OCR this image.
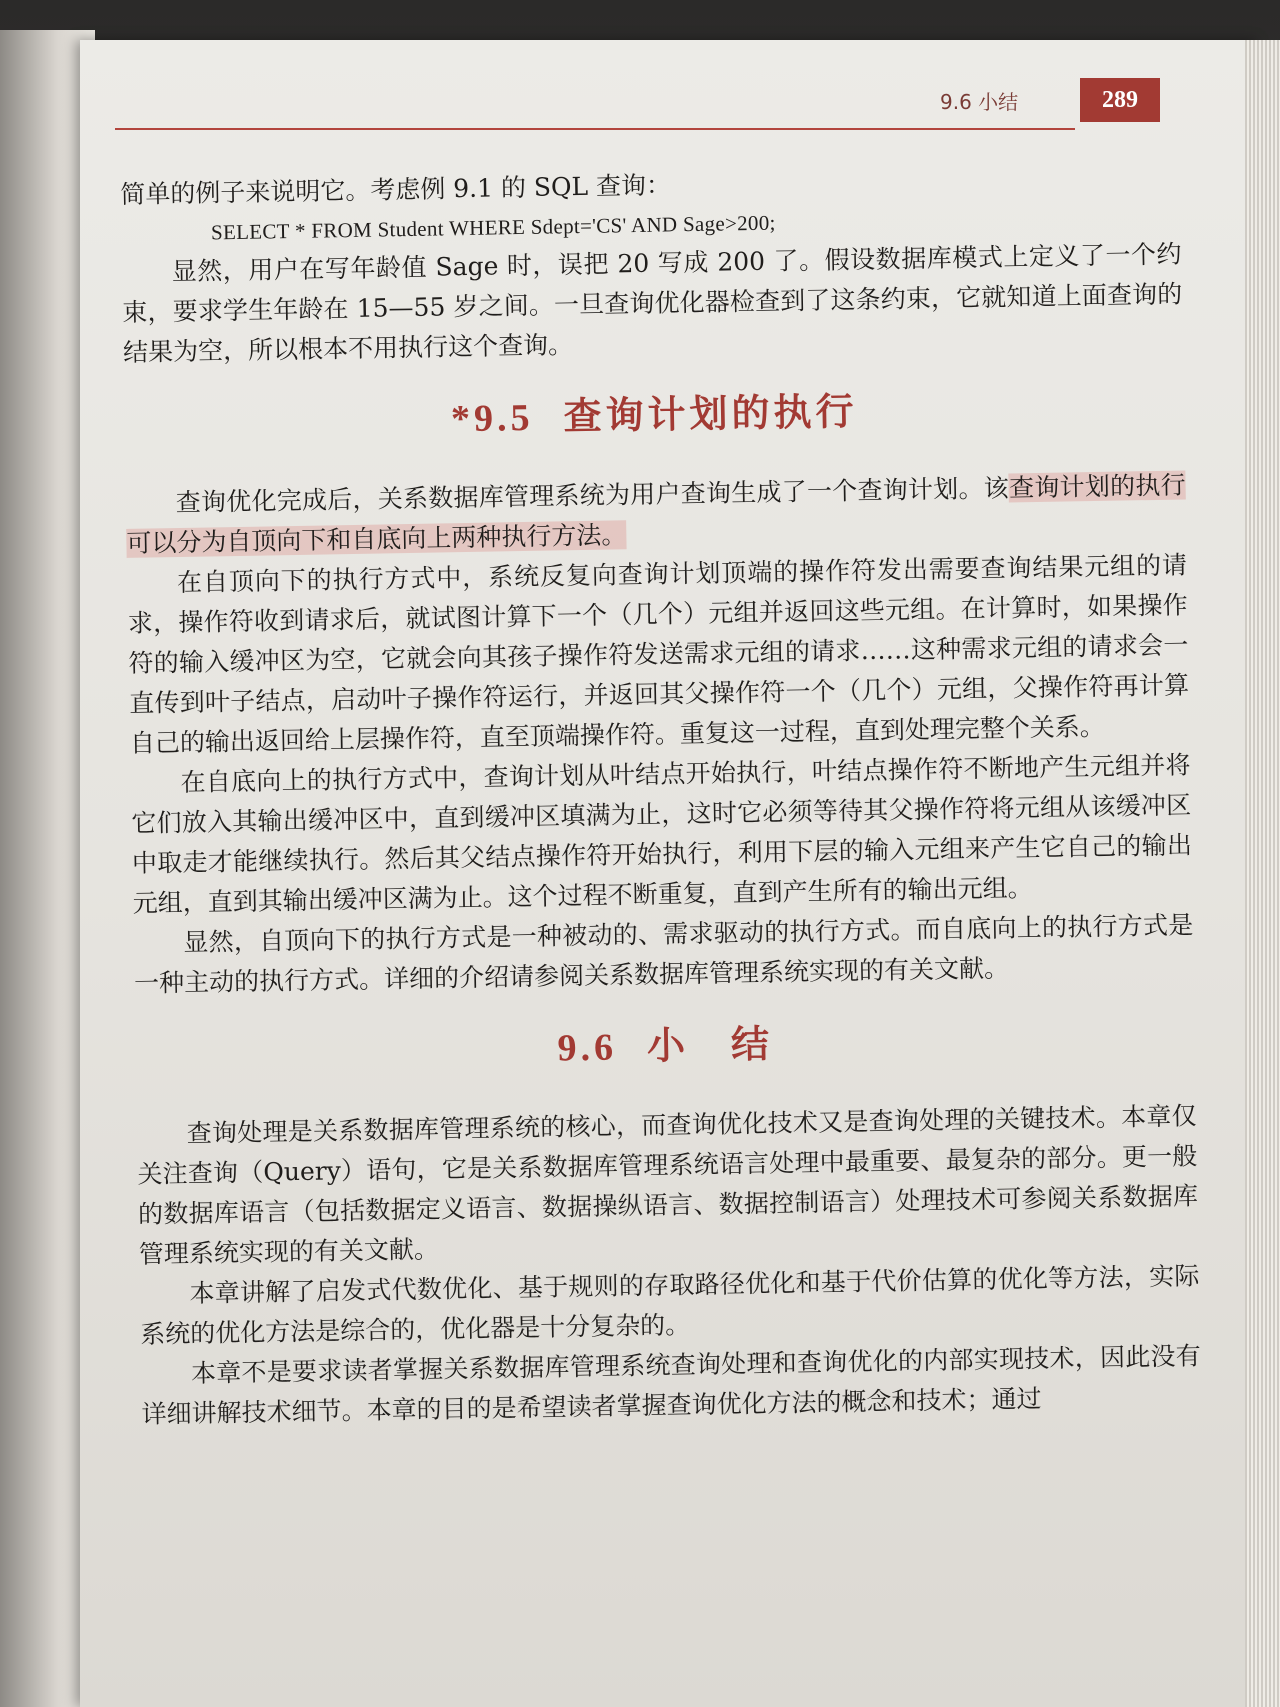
9.6 小结	289

简单的例子来说明它。考虑例 9.1 的 SQL 查询：

SELECT * FROM Student WHERE Sdept='CS' AND Sage>200;

显然，用户在写年龄值 Sage 时，误把 20 写成 200 了。假设数据库模式上定义了一个约束，要求学生年龄在 15—55 岁之间。一旦查询优化器检查到了这条约束，它就知道上面查询的结果为空，所以根本不用执行这个查询。

*9.5 查询计划的执行

查询优化完成后，关系数据库管理系统为用户查询生成了一个查询计划。该查询计划的执行可以分为自顶向下和自底向上两种执行方法。

在自顶向下的执行方式中，系统反复向查询计划顶端的操作符发出需要查询结果元组的请求，操作符收到请求后，就试图计算下一个（几个）元组并返回这些元组。在计算时，如果操作符的输入缓冲区为空，它就会向其孩子操作符发送需求元组的请求……这种需求元组的请求会一直传到叶子结点，启动叶子操作符运行，并返回其父操作符一个（几个）元组，父操作符再计算自己的输出返回给上层操作符，直至顶端操作符。重复这一过程，直到处理完整个关系。

在自底向上的执行方式中，查询计划从叶结点开始执行，叶结点操作符不断地产生元组并将它们放入其输出缓冲区中，直到缓冲区填满为止，这时它必须等待其父操作符将元组从该缓冲区中取走才能继续执行。然后其父结点操作符开始执行，利用下层的输入元组来产生它自己的输出元组，直到其输出缓冲区满为止。这个过程不断重复，直到产生所有的输出元组。

显然，自顶向下的执行方式是一种被动的、需求驱动的执行方式。而自底向上的执行方式是一种主动的执行方式。详细的介绍请参阅关系数据库管理系统实现的有关文献。

9.6 小　结

查询处理是关系数据库管理系统的核心，而查询优化技术又是查询处理的关键技术。本章仅关注查询（Query）语句，它是关系数据库管理系统语言处理中最重要、最复杂的部分。更一般的数据库语言（包括数据定义语言、数据操纵语言、数据控制语言）处理技术可参阅关系数据库管理系统实现的有关文献。

本章讲解了启发式代数优化、基于规则的存取路径优化和基于代价估算的优化等方法，实际系统的优化方法是综合的，优化器是十分复杂的。

本章不是要求读者掌握关系数据库管理系统查询处理和查询优化的内部实现技术，因此没有详细讲解技术细节。本章的目的是希望读者掌握查询优化方法的概念和技术；通过
